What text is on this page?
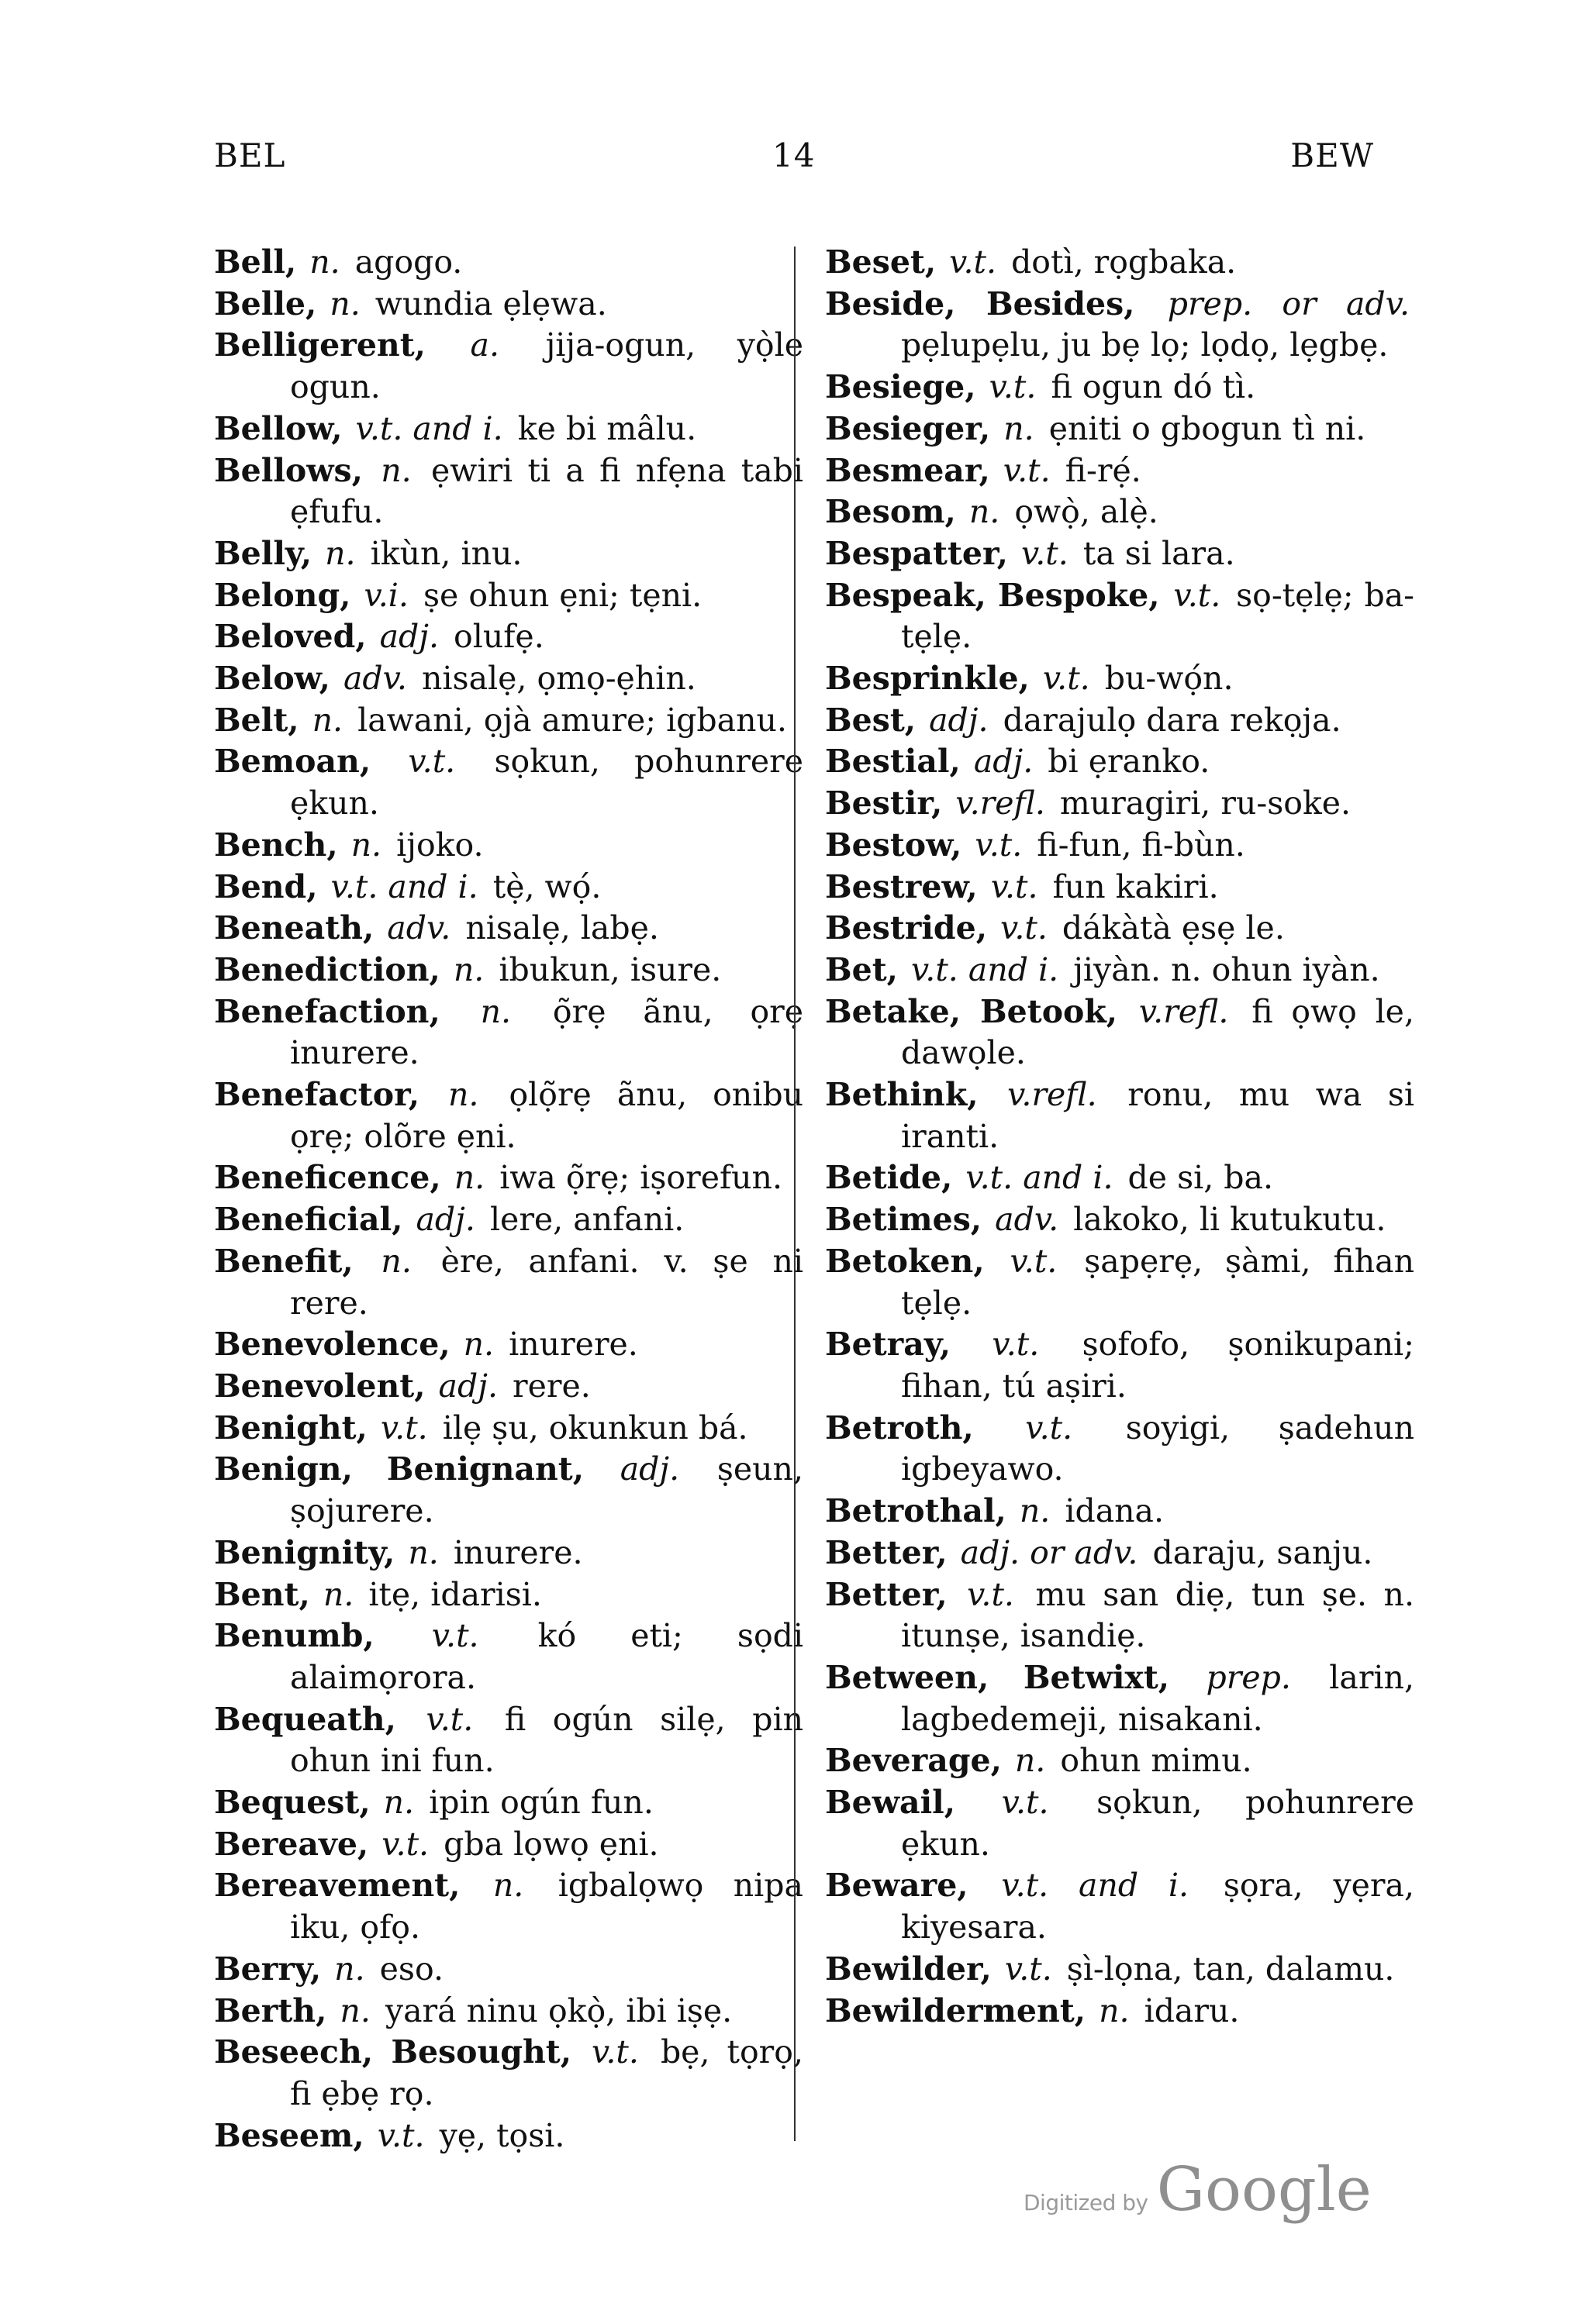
BEL	14	BEW
Bell, n. agogo.
Belle, n. wundia ẹlẹwa.
Belligerent, a. jija-ogun, yọ̀le ogun.
Bellow, v.t. and i. ke bi mâlu.
Bellows, n. ẹwiri ti a fi nfẹna tabi ẹfufu.
Belly, n. ikùn, inu.
Belong, v.i. ṣe ohun ẹni; tẹni.
Beloved, adj. olufẹ.
Below, adv. nisalẹ, ọmọ-ẹhin.
Belt, n. lawani, ọjà amure; igbanu.
Bemoan, v.t. sọkun, pohunrere ẹkun.
Bench, n. ijoko.
Bend, v.t. and i. tẹ̀, wọ́.
Beneath, adv. nisalẹ, labẹ.
Benediction, n. ibukun, isure.
Benefaction, n. ọ̃rẹ ãnu, ọrẹ inurere.
Benefactor, n. ọlọ̃rẹ ãnu, onibu ọrẹ; olõre ẹni.
Beneficence, n. iwa ọ̃rẹ; iṣorefun.
Beneficial, adj. lere, anfani.
Benefit, n. ère, anfani. v. ṣe ni rere.
Benevolence, n. inurere.
Benevolent, adj. rere.
Benight, v.t. ilẹ ṣu, okunkun bá.
Benign, Benignant, adj. ṣeun, ṣojurere.
Benignity, n. inurere.
Bent, n. itẹ, idarisi.
Benumb, v.t. kó eti; sọdi alaimọrora.
Bequeath, v.t. fi ogún silẹ, pin ohun ini fun.
Bequest, n. ipin ogún fun.
Bereave, v.t. gba lọwọ ẹni.
Bereavement, n. igbalọwọ nipa iku, ọfọ.
Berry, n. eso.
Berth, n. yará ninu ọkọ̀, ibi iṣẹ.
Beseech, Besought, v.t. bẹ, tọrọ, fi ẹbẹ rọ.
Beseem, v.t. yẹ, tọsi.
Beset, v.t. dotì, rọgbaka.
Beside, Besides, prep. or adv. pẹlupẹlu, ju bẹ lọ; lọdọ, lẹgbẹ.
Besiege, v.t. fi ogun dó tì.
Besieger, n. ẹniti o gbogun tì ni.
Besmear, v.t. fi-rẹ́.
Besom, n. ọwọ̀, alẹ̀.
Bespatter, v.t. ta si lara.
Bespeak, Bespoke, v.t. sọ-tẹlẹ; ba-tẹlẹ.
Besprinkle, v.t. bu-wọ́n.
Best, adj. darajulọ dara rekọja.
Bestial, adj. bi ẹranko.
Bestir, v.refl. muragiri, ru-soke.
Bestow, v.t. fi-fun, fi-bùn.
Bestrew, v.t. fun kakiri.
Bestride, v.t. dákàtà ẹsẹ le.
Bet, v.t. and i. jiyàn. n. ohun iyàn.
Betake, Betook, v.refl. fi ọwọ le, dawọle.
Bethink, v.refl. ronu, mu wa si iranti.
Betide, v.t. and i. de si, ba.
Betimes, adv. lakoko, li kutukutu.
Betoken, v.t. ṣapẹrẹ, ṣàmi, fihan tẹlẹ.
Betray, v.t. ṣofofo, ṣonikupani; fihan, tú aṣiri.
Betroth, v.t. soyigi, ṣadehun igbeyawo.
Betrothal, n. idana.
Better, adj. or adv. daraju, sanju.
Better, v.t. mu san diẹ, tun ṣe. n. itunṣe, isandiẹ.
Between, Betwixt, prep. larin, lagbedemeji, nisakani.
Beverage, n. ohun mimu.
Bewail, v.t. sọkun, pohunrere ẹkun.
Beware, v.t. and i. ṣọra, yẹra, kiyesara.
Bewilder, v.t. ṣì-lọna, tan, dalamu.
Bewilderment, n. idaru.
Digitized by Google
